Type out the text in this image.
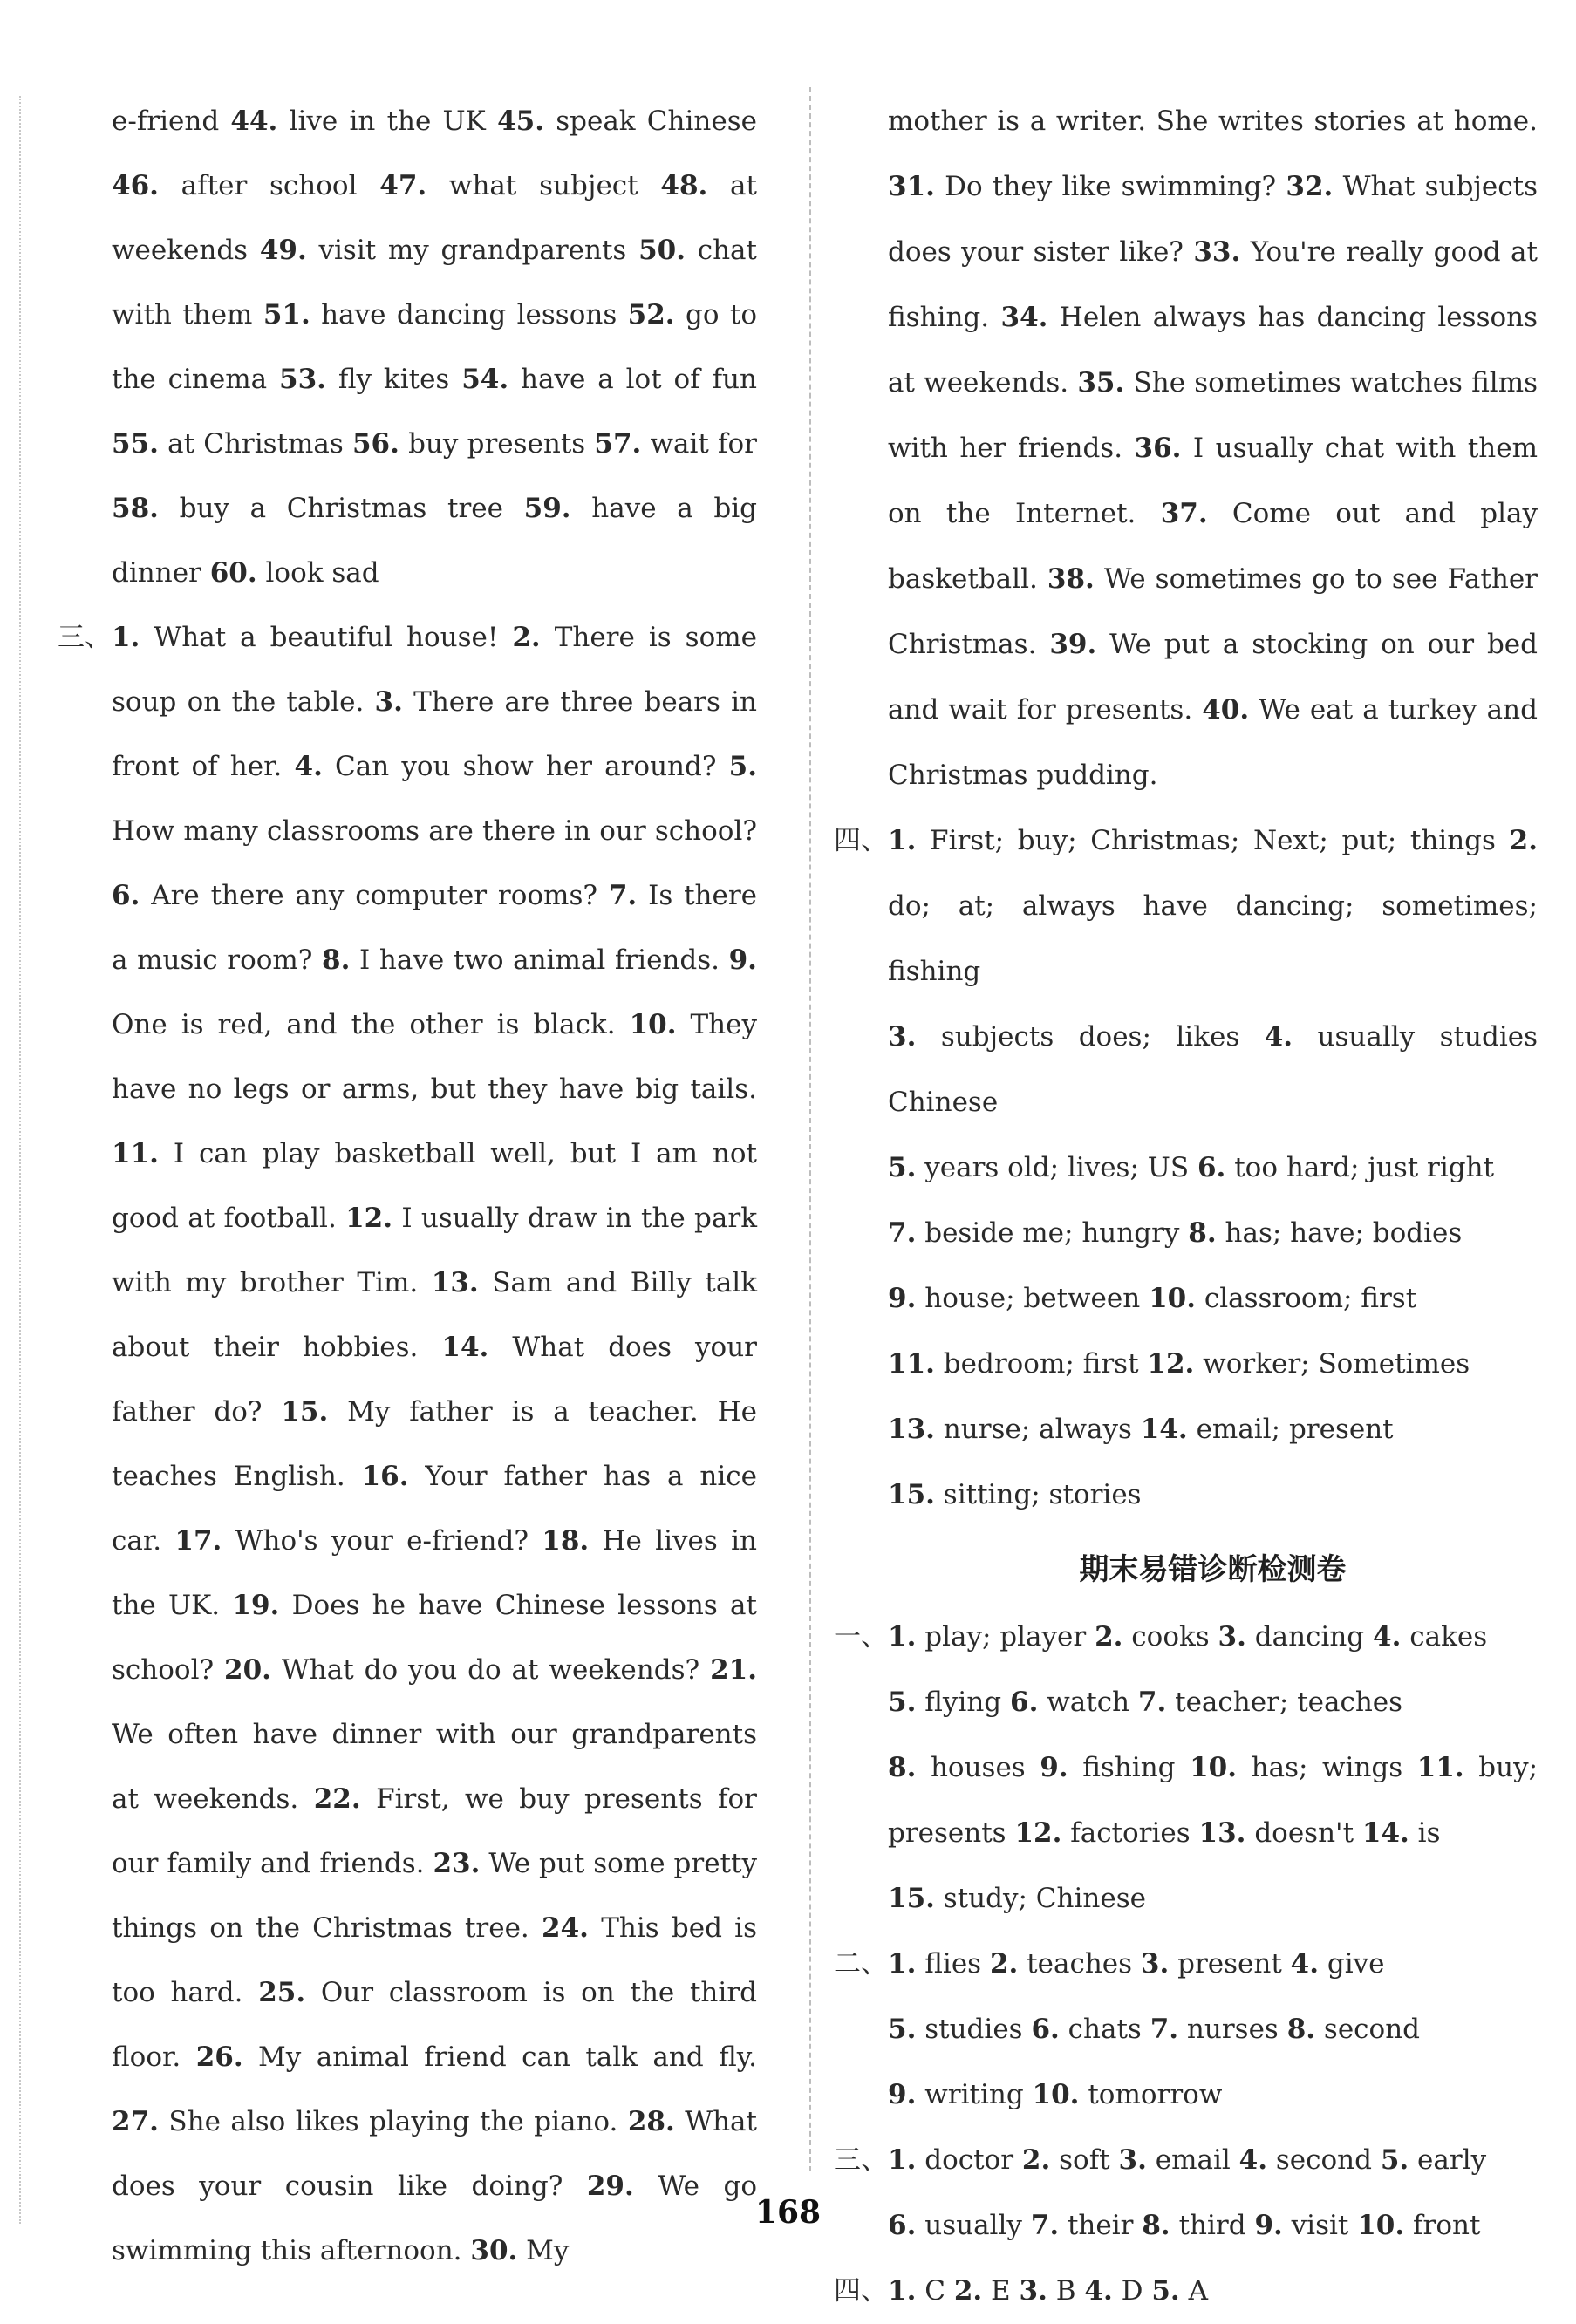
e-friend 44. live in the UK 45. speak Chinese 46. after school 47. what subject 48. at weekends 49. visit my grandparents 50. chat with them 51. have dancing lessons 52. go to the cinema 53. fly kites 54. have a lot of fun 55. at Christmas 56. buy presents 57. wait for 58. buy a Christmas tree 59. have a big dinner 60. look sad

三、 1. What a beautiful house! 2. There is some soup on the table. 3. There are three bears in front of her. 4. Can you show her around? 5. How many classrooms are there in our school? 6. Are there any computer rooms? 7. Is there a music room? 8. I have two animal friends. 9. One is red, and the other is black. 10. They have no legs or arms, but they have big tails. 11. I can play basketball well, but I am not good at football. 12. I usually draw in the park with my brother Tim. 13. Sam and Billy talk about their hobbies. 14. What does your father do? 15. My father is a teacher. He teaches English. 16. Your father has a nice car. 17. Who's your e-friend? 18. He lives in the UK. 19. Does he have Chinese lessons at school? 20. What do you do at weekends? 21. We often have dinner with our grandparents at weekends. 22. First, we buy presents for our family and friends. 23. We put some pretty things on the Christmas tree. 24. This bed is too hard. 25. Our classroom is on the third floor. 26. My animal friend can talk and fly. 27. She also likes playing the piano. 28. What does your cousin like doing? 29. We go swimming this afternoon. 30. My

mother is a writer. She writes stories at home. 31. Do they like swimming? 32. What subjects does your sister like? 33. You're really good at fishing. 34. Helen always has dancing lessons at weekends. 35. She sometimes watches films with her friends. 36. I usually chat with them on the Internet. 37. Come out and play basketball. 38. We sometimes go to see Father Christmas. 39. We put a stocking on our bed and wait for presents. 40. We eat a turkey and Christmas pudding.

四、 1. First; buy; Christmas; Next; put; things 2. do; at; always have dancing; sometimes; fishing

3. subjects does; likes 4. usually studies Chinese

5. years old; lives; US 6. too hard; just right

7. beside me; hungry 8. has; have; bodies

9. house; between 10. classroom; first

11. bedroom; first 12. worker; Sometimes

13. nurse; always 14. email; present

15. sitting; stories

期末易错诊断检测卷
一、 1. play; player 2. cooks 3. dancing 4. cakes

5. flying 6. watch 7. teacher; teaches

8. houses 9. fishing 10. has; wings 11. buy; presents 12. factories 13. doesn't 14. is

15. study; Chinese

二、 1. flies 2. teaches 3. present 4. give

5. studies 6. chats 7. nurses 8. second

9. writing 10. tomorrow

三、 1. doctor 2. soft 3. email 4. second 5. early

6. usually 7. their 8. third 9. visit 10. front

四、 1. C 2. E 3. B 4. D 5. A

168
